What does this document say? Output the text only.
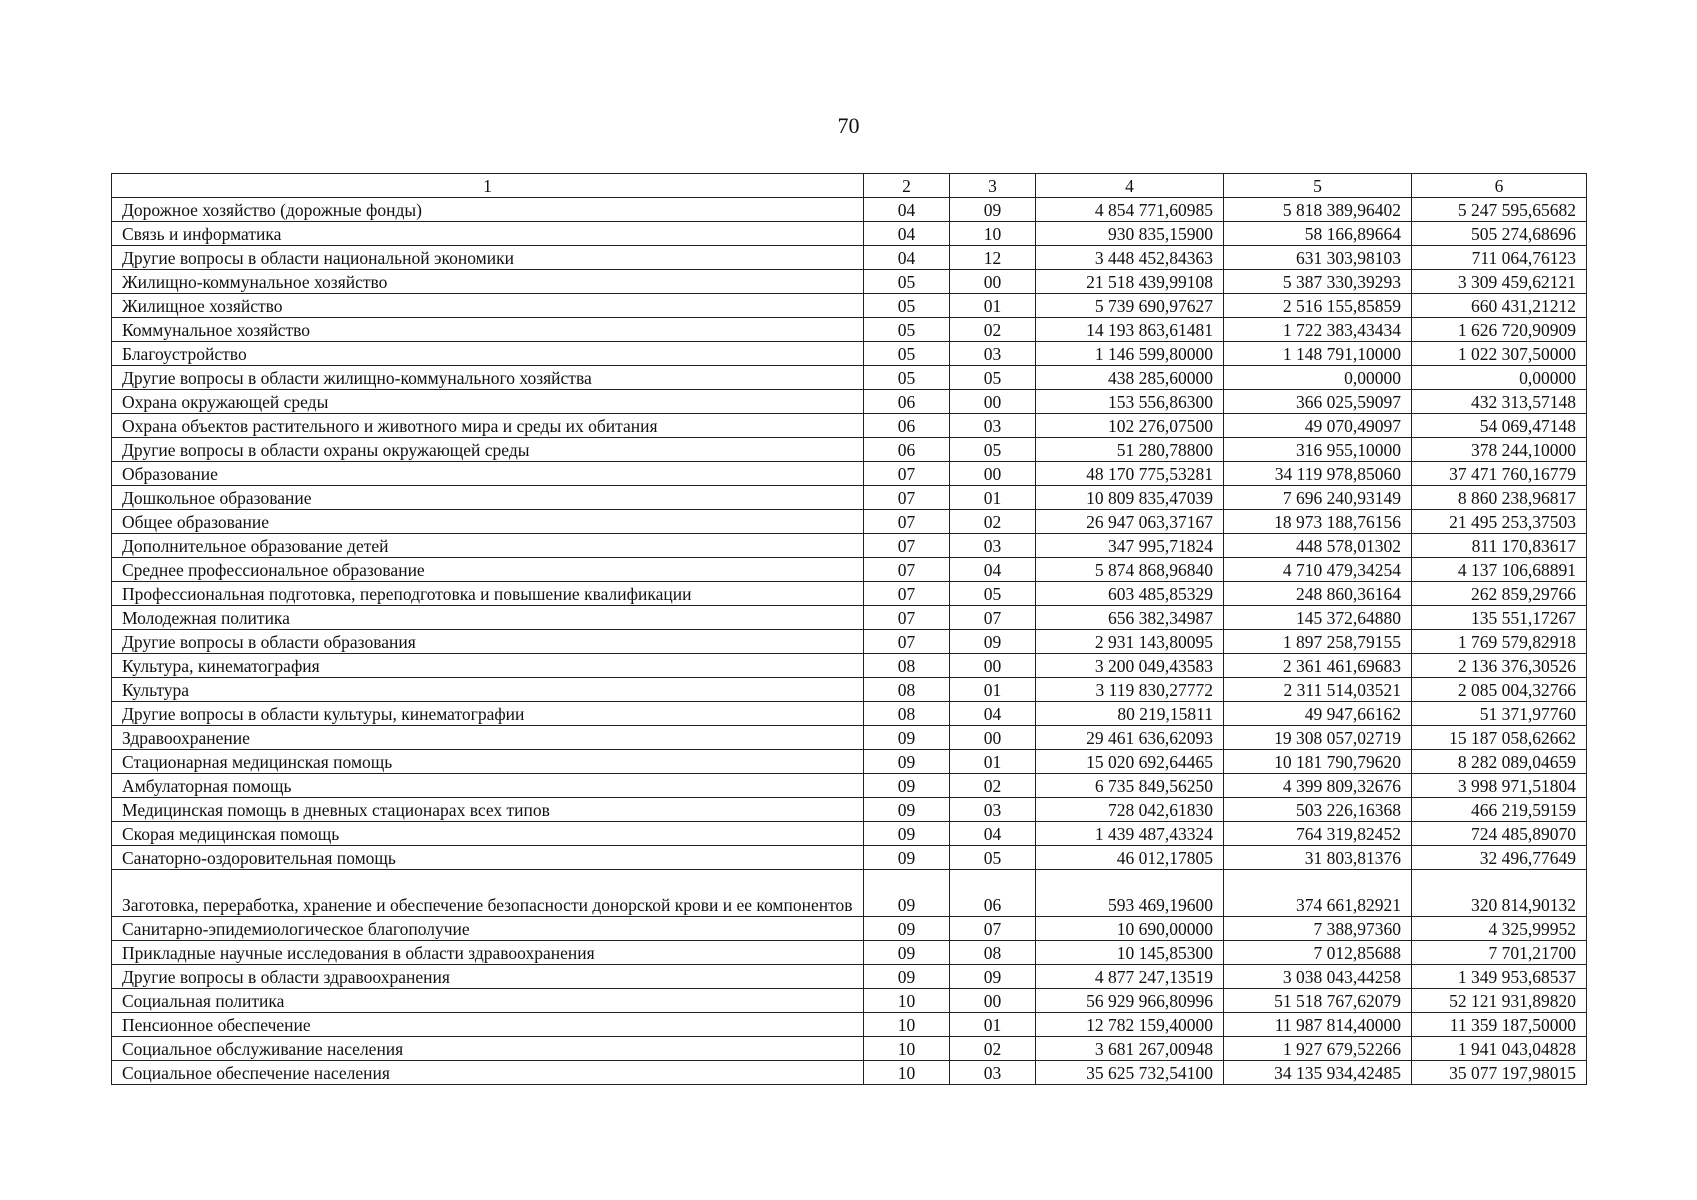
70
1	2	3	4	5	6
Дорожное хозяйство (дорожные фонды)	04	09	4 854 771,60985	5 818 389,96402	5 247 595,65682
Связь и информатика	04	10	930 835,15900	58 166,89664	505 274,68696
Другие вопросы в области национальной экономики	04	12	3 448 452,84363	631 303,98103	711 064,76123
Жилищно-коммунальное хозяйство	05	00	21 518 439,99108	5 387 330,39293	3 309 459,62121
Жилищное хозяйство	05	01	5 739 690,97627	2 516 155,85859	660 431,21212
Коммунальное хозяйство	05	02	14 193 863,61481	1 722 383,43434	1 626 720,90909
Благоустройство	05	03	1 146 599,80000	1 148 791,10000	1 022 307,50000
Другие вопросы в области жилищно-коммунального хозяйства	05	05	438 285,60000	0,00000	0,00000
Охрана окружающей среды	06	00	153 556,86300	366 025,59097	432 313,57148
Охрана объектов растительного и животного мира и среды их обитания	06	03	102 276,07500	49 070,49097	54 069,47148
Другие вопросы в области охраны окружающей среды	06	05	51 280,78800	316 955,10000	378 244,10000
Образование	07	00	48 170 775,53281	34 119 978,85060	37 471 760,16779
Дошкольное образование	07	01	10 809 835,47039	7 696 240,93149	8 860 238,96817
Общее образование	07	02	26 947 063,37167	18 973 188,76156	21 495 253,37503
Дополнительное образование детей	07	03	347 995,71824	448 578,01302	811 170,83617
Среднее профессиональное образование	07	04	5 874 868,96840	4 710 479,34254	4 137 106,68891
Профессиональная подготовка, переподготовка и повышение квалификации	07	05	603 485,85329	248 860,36164	262 859,29766
Молодежная политика	07	07	656 382,34987	145 372,64880	135 551,17267
Другие вопросы в области образования	07	09	2 931 143,80095	1 897 258,79155	1 769 579,82918
Культура, кинематография	08	00	3 200 049,43583	2 361 461,69683	2 136 376,30526
Культура	08	01	3 119 830,27772	2 311 514,03521	2 085 004,32766
Другие вопросы в области культуры, кинематографии	08	04	80 219,15811	49 947,66162	51 371,97760
Здравоохранение	09	00	29 461 636,62093	19 308 057,02719	15 187 058,62662
Стационарная медицинская помощь	09	01	15 020 692,64465	10 181 790,79620	8 282 089,04659
Амбулаторная помощь	09	02	6 735 849,56250	4 399 809,32676	3 998 971,51804
Медицинская помощь в дневных стационарах всех типов	09	03	728 042,61830	503 226,16368	466 219,59159
Скорая медицинская помощь	09	04	1 439 487,43324	764 319,82452	724 485,89070
Санаторно-оздоровительная помощь	09	05	46 012,17805	31 803,81376	32 496,77649
Заготовка, переработка, хранение и обеспечение безопасности донорской крови и ее компонентов	09	06	593 469,19600	374 661,82921	320 814,90132
Санитарно-эпидемиологическое благополучие	09	07	10 690,00000	7 388,97360	4 325,99952
Прикладные научные исследования в области здравоохранения	09	08	10 145,85300	7 012,85688	7 701,21700
Другие вопросы в области здравоохранения	09	09	4 877 247,13519	3 038 043,44258	1 349 953,68537
Социальная политика	10	00	56 929 966,80996	51 518 767,62079	52 121 931,89820
Пенсионное обеспечение	10	01	12 782 159,40000	11 987 814,40000	11 359 187,50000
Социальное обслуживание населения	10	02	3 681 267,00948	1 927 679,52266	1 941 043,04828
Социальное обеспечение населения	10	03	35 625 732,54100	34 135 934,42485	35 077 197,98015
